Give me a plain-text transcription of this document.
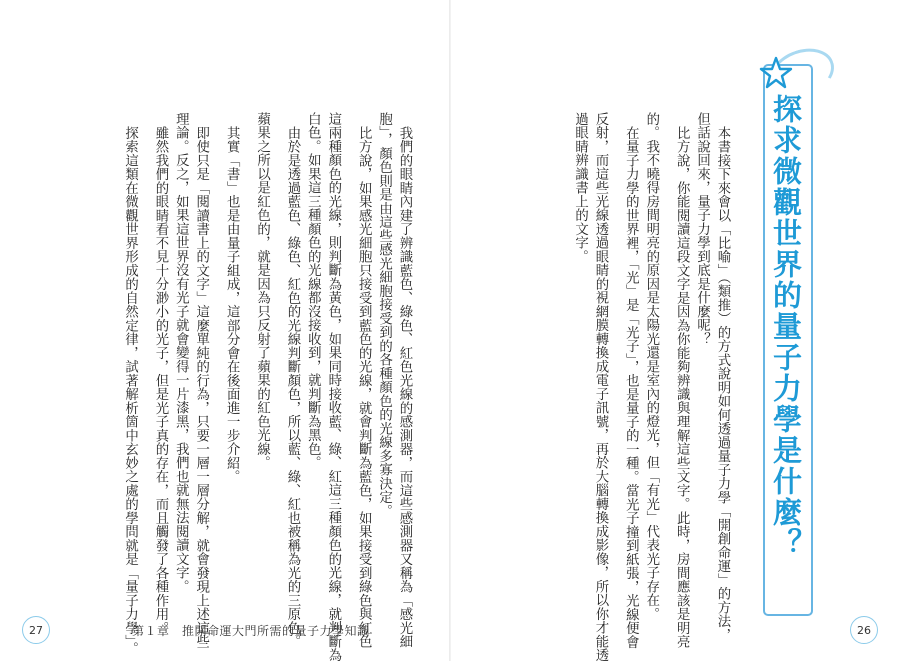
探求微觀世界的量子力學是什麼？

本書接下來會以「比喻」（類推）的方式說明如何透過量子力學「開創命運」的方法，

但話說回來，量子力學到底是什麼呢？

比方說，你能閱讀這段文字是因為你能夠辨識與理解這些文字。此時，房間應該是明亮

的。我不曉得房間明亮的原因是太陽光還是室內的燈光，但「有光」代表光子存在。

在量子力學的世界裡，「光」是「光子」，也是量子的一種。當光子撞到紙張，光線便會

反射，而這些光線透過眼睛的視網膜轉換成電子訊號，再於大腦轉換成影像，所以你才能透

過眼睛辨識書上的文字。

我們的眼睛內建了辨識藍色、綠色、紅色光線的感測器，而這些感測器又稱為「感光細

胞」，顏色則是由這些感光細胞接受到的各種顏色的光線多寡決定。

比方說，如果感光細胞只接受到藍色的光線，就會判斷為藍色，如果接受到綠色與紅色

這兩種顏色的光線，則判斷為黃色，如果同時接收藍、綠、紅這三種顏色的光線，就判斷為

白色。如果這三種顏色的光線都沒接收到，就判斷為黑色。

由於是透過藍色、綠色、紅色的光線判斷顏色，所以藍、綠、紅也被稱為光的三原色。

蘋果之所以是紅色的，就是因為只反射了蘋果的紅色光線。

其實「書」也是由量子組成，這部分會在後面進一步介紹。

即使只是「閱讀書上的文字」這麼單純的行為，只要一層一層分解，就會發現上述這些

理論。反之，如果這世界沒有光子就會變得一片漆黑，我們也就無法閱讀文字。

雖然我們的眼睛看不見十分渺小的光子，但是光子真的存在，而且觸發了各種作用。

探索這類在微觀世界形成的自然定律，試著解析箇中玄妙之處的學問就是「量子力學」。

27	第１章　推開命運大門所需的量子力學知識	26
